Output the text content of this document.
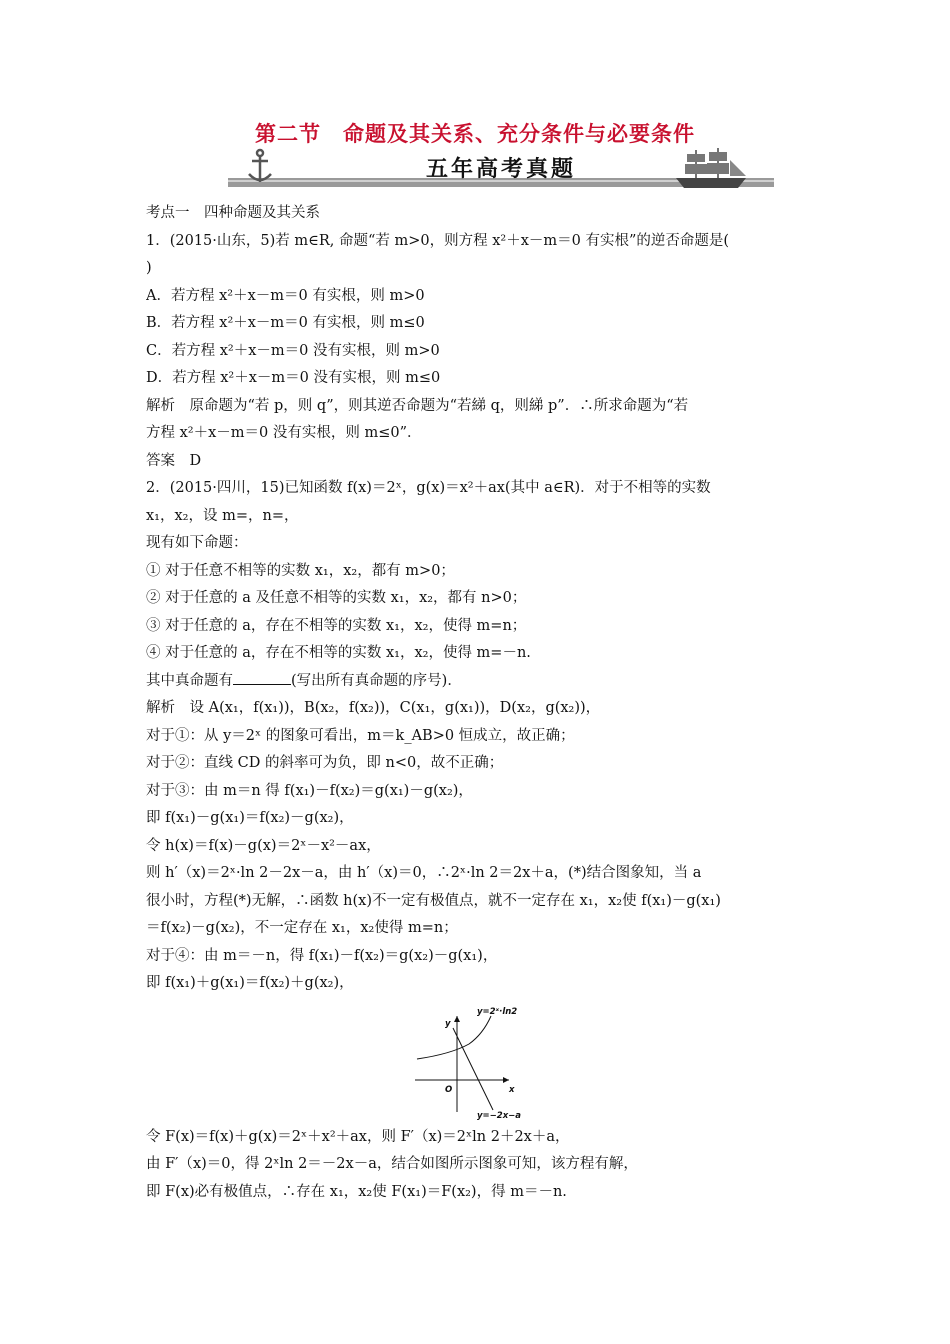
第二节　命题及其关系、充分条件与必要条件
五年高考真题

考点一　四种命题及其关系

1．(2015·山东，5)若 m∈R, 命题“若 m>0，则方程 x²＋x－m＝0 有实根”的逆否命题是(

)

A．若方程 x²＋x－m＝0 有实根，则 m>0

B．若方程 x²＋x－m＝0 有实根，则 m≤0

C．若方程 x²＋x－m＝0 没有实根，则 m>0

D．若方程 x²＋x－m＝0 没有实根，则 m≤0

解析　原命题为“若 p，则 q”，则其逆否命题为“若綈 q，则綈 p”．∴所求命题为“若

方程 x²＋x－m＝0 没有实根，则 m≤0”．

答案　D

2．(2015·四川，15)已知函数 f(x)＝2ˣ，g(x)＝x²＋ax(其中 a∈R)．对于不相等的实数

x₁，x₂，设 m=，n=，

现有如下命题：

① 对于任意不相等的实数 x₁，x₂，都有 m>0；

② 对于任意的 a 及任意不相等的实数 x₁，x₂，都有 n>0；

③ 对于任意的 a，存在不相等的实数 x₁，x₂，使得 m=n；

④ 对于任意的 a，存在不相等的实数 x₁，x₂，使得 m=－n.

其中真命题有	(写出所有真命题的序号)．

解析　设 A(x₁，f(x₁))，B(x₂，f(x₂))，C(x₁，g(x₁))，D(x₂，g(x₂))，

对于①：从 y＝2ˣ 的图象可看出，m＝k_AB>0 恒成立，故正确；

对于②：直线 CD 的斜率可为负，即 n<0，故不正确；

对于③：由 m＝n 得 f(x₁)－f(x₂)＝g(x₁)－g(x₂)，

即 f(x₁)－g(x₁)＝f(x₂)－g(x₂)，

令 h(x)＝f(x)－g(x)＝2ˣ－x²－ax，

则 h′（x)＝2ˣ·ln 2－2x－a，由 h′（x)＝0，∴2ˣ·ln 2＝2x＋a，(*)结合图象知，当 a

很小时，方程(*)无解，∴函数 h(x)不一定有极值点，就不一定存在 x₁，x₂使 f(x₁)－g(x₁)

＝f(x₂)－g(x₂)，不一定存在 x₁，x₂使得 m=n；

对于④：由 m＝－n，得 f(x₁)－f(x₂)＝g(x₂)－g(x₁)，

即 f(x₁)＋g(x₁)＝f(x₂)＋g(x₂)，

y
x
O
y=2ˣ·ln2
y=−2x−a

令 F(x)＝f(x)＋g(x)＝2ˣ＋x²＋ax，则 F′（x)＝2ˣln 2＋2x＋a，

由 F′（x)＝0，得 2ˣln 2＝－2x－a，结合如图所示图象可知，该方程有解，

即 F(x)必有极值点，∴存在 x₁，x₂使 F(x₁)＝F(x₂)，得 m＝－n.
